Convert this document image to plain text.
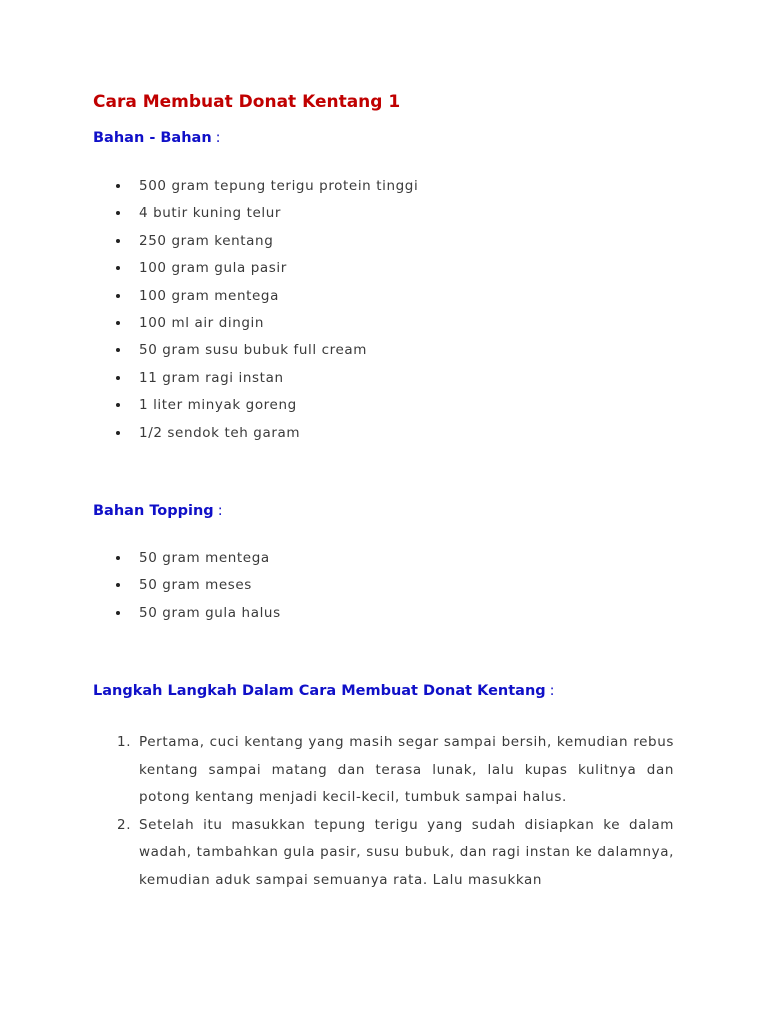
Cara Membuat Donat Kentang 1
Bahan - Bahan :
500 gram tepung terigu protein tinggi
4 butir kuning telur
250 gram kentang
100 gram gula pasir
100 gram mentega
100 ml air dingin
50 gram susu bubuk full cream
11 gram ragi instan
1 liter minyak goreng
1/2 sendok teh garam
Bahan Topping :
50 gram mentega
50 gram meses
50 gram gula halus
Langkah Langkah Dalam Cara Membuat Donat Kentang :
1. Pertama, cuci kentang yang masih segar sampai bersih, kemudian rebus kentang sampai matang dan terasa lunak, lalu kupas kulitnya dan potong kentang menjadi kecil-kecil, tumbuk sampai halus.
2. Setelah itu masukkan tepung terigu yang sudah disiapkan ke dalam wadah, tambahkan gula pasir, susu bubuk, dan ragi instan ke dalamnya, kemudian aduk sampai semuanya rata. Lalu masukkan
